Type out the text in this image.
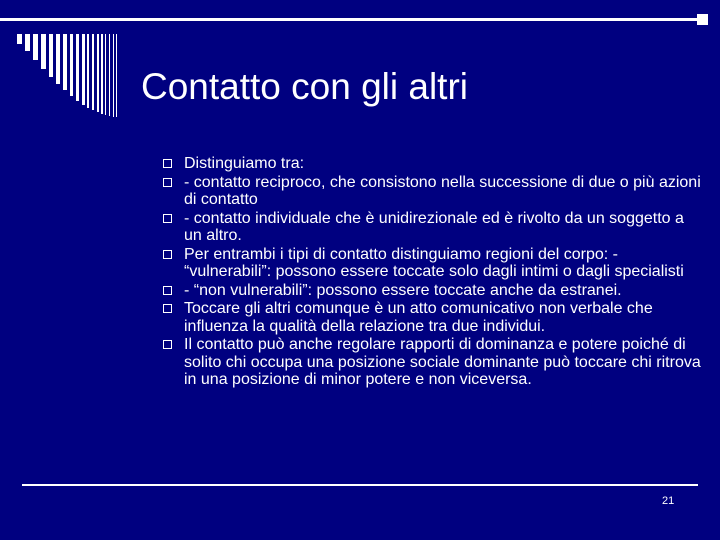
Contatto con gli altri
Distinguiamo tra:
- contatto reciproco, che consistono nella successione di due o più azioni di contatto
- contatto individuale che è unidirezionale ed è rivolto da un soggetto a un altro.
Per entrambi i tipi di contatto distinguiamo regioni del corpo: - “vulnerabili”: possono essere toccate solo dagli intimi o dagli specialisti
- “non vulnerabili”: possono essere toccate anche da estranei.
Toccare gli altri comunque è un atto comunicativo non verbale che influenza la qualità della relazione tra due individui.
Il contatto può anche regolare rapporti di dominanza e potere poiché di solito chi occupa una posizione sociale dominante può toccare chi ritrova in una posizione di minor potere e non viceversa.
21
